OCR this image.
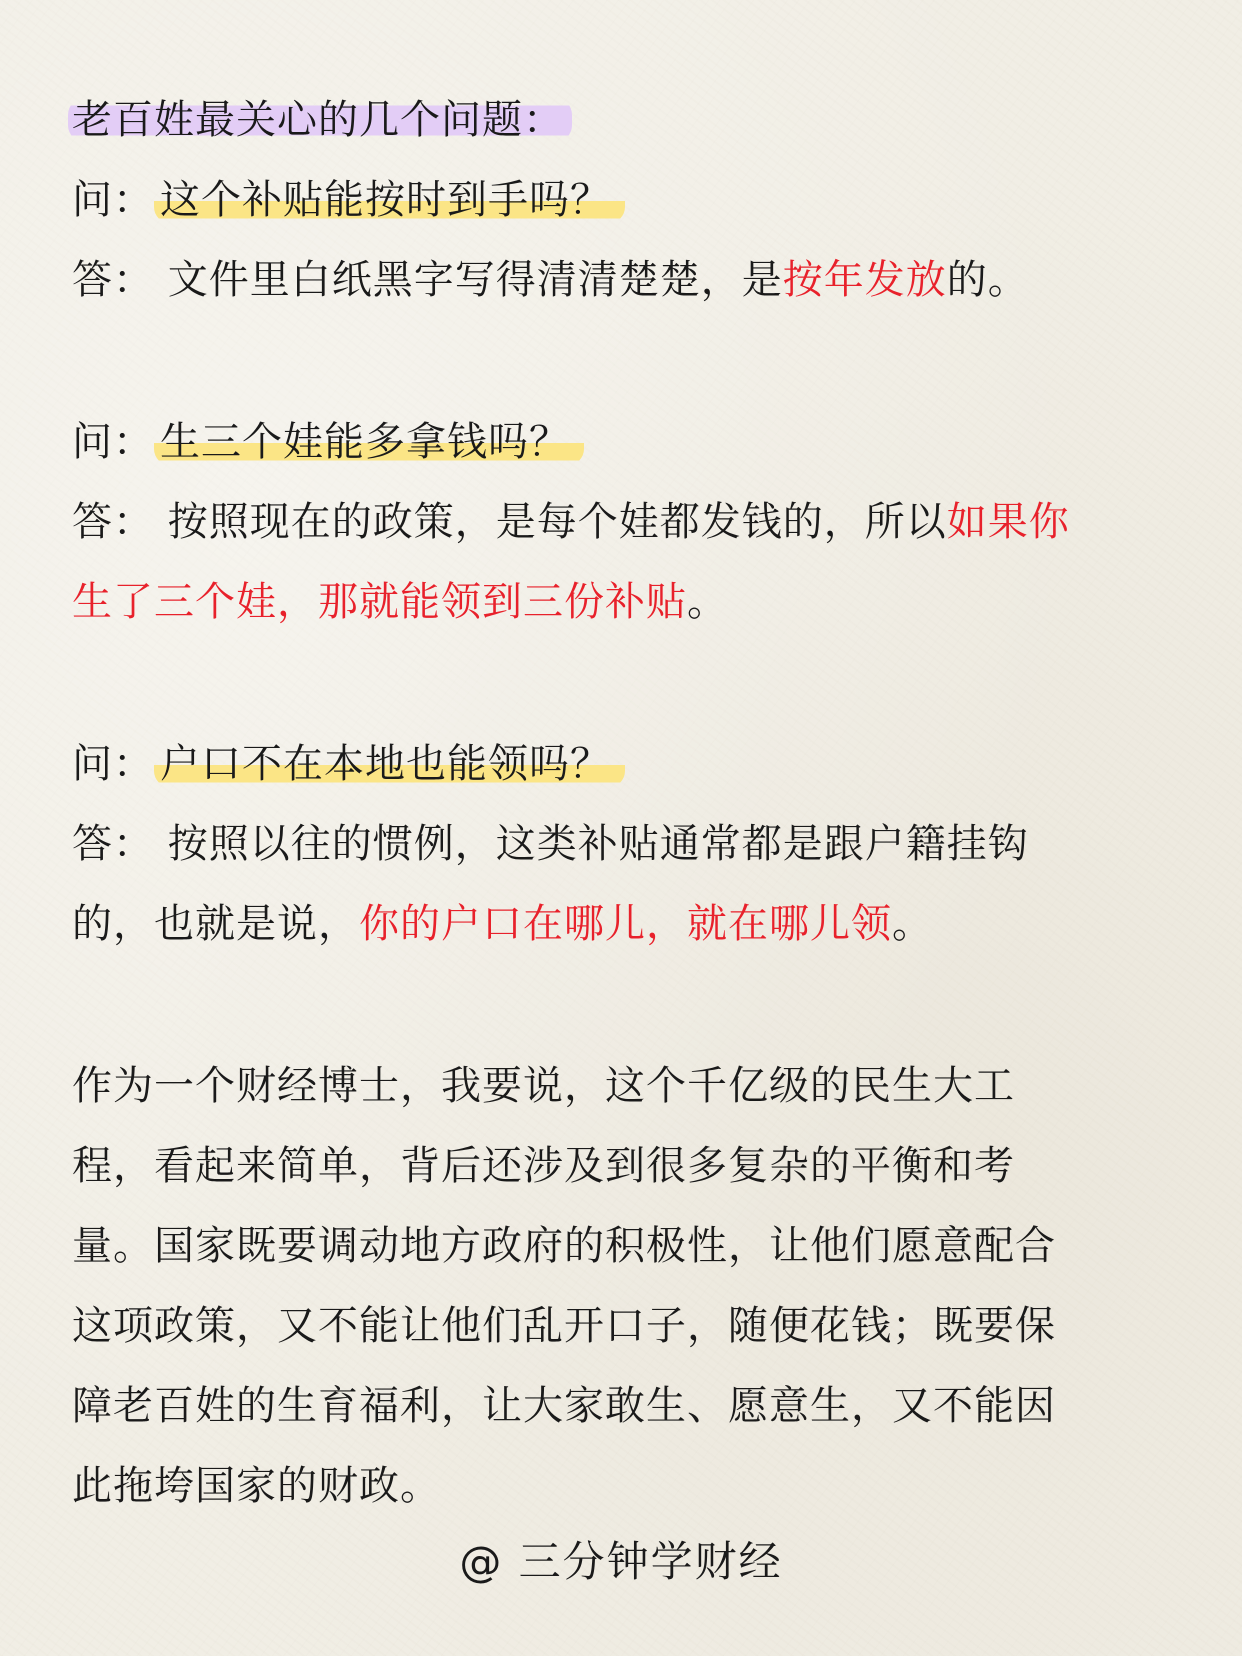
老百姓最关心的几个问题：
问： 这个补贴能按时到手吗？
答： 文件里白纸黑字写得清清楚楚，是按年发放的。
问： 生三个娃能多拿钱吗？
答： 按照现在的政策，是每个娃都发钱的，所以如果你
生了三个娃，那就能领到三份补贴。
问： 户口不在本地也能领吗？
答： 按照以往的惯例，这类补贴通常都是跟户籍挂钩
的，也就是说，你的户口在哪儿，就在哪儿领。
作为一个财经博士，我要说，这个千亿级的民生大工
程，看起来简单，背后还涉及到很多复杂的平衡和考
量。国家既要调动地方政府的积极性，让他们愿意配合
这项政策，又不能让他们乱开口子，随便花钱；既要保
障老百姓的生育福利，让大家敢生、愿意生，又不能因
此拖垮国家的财政。
@ 三分钟学财经
